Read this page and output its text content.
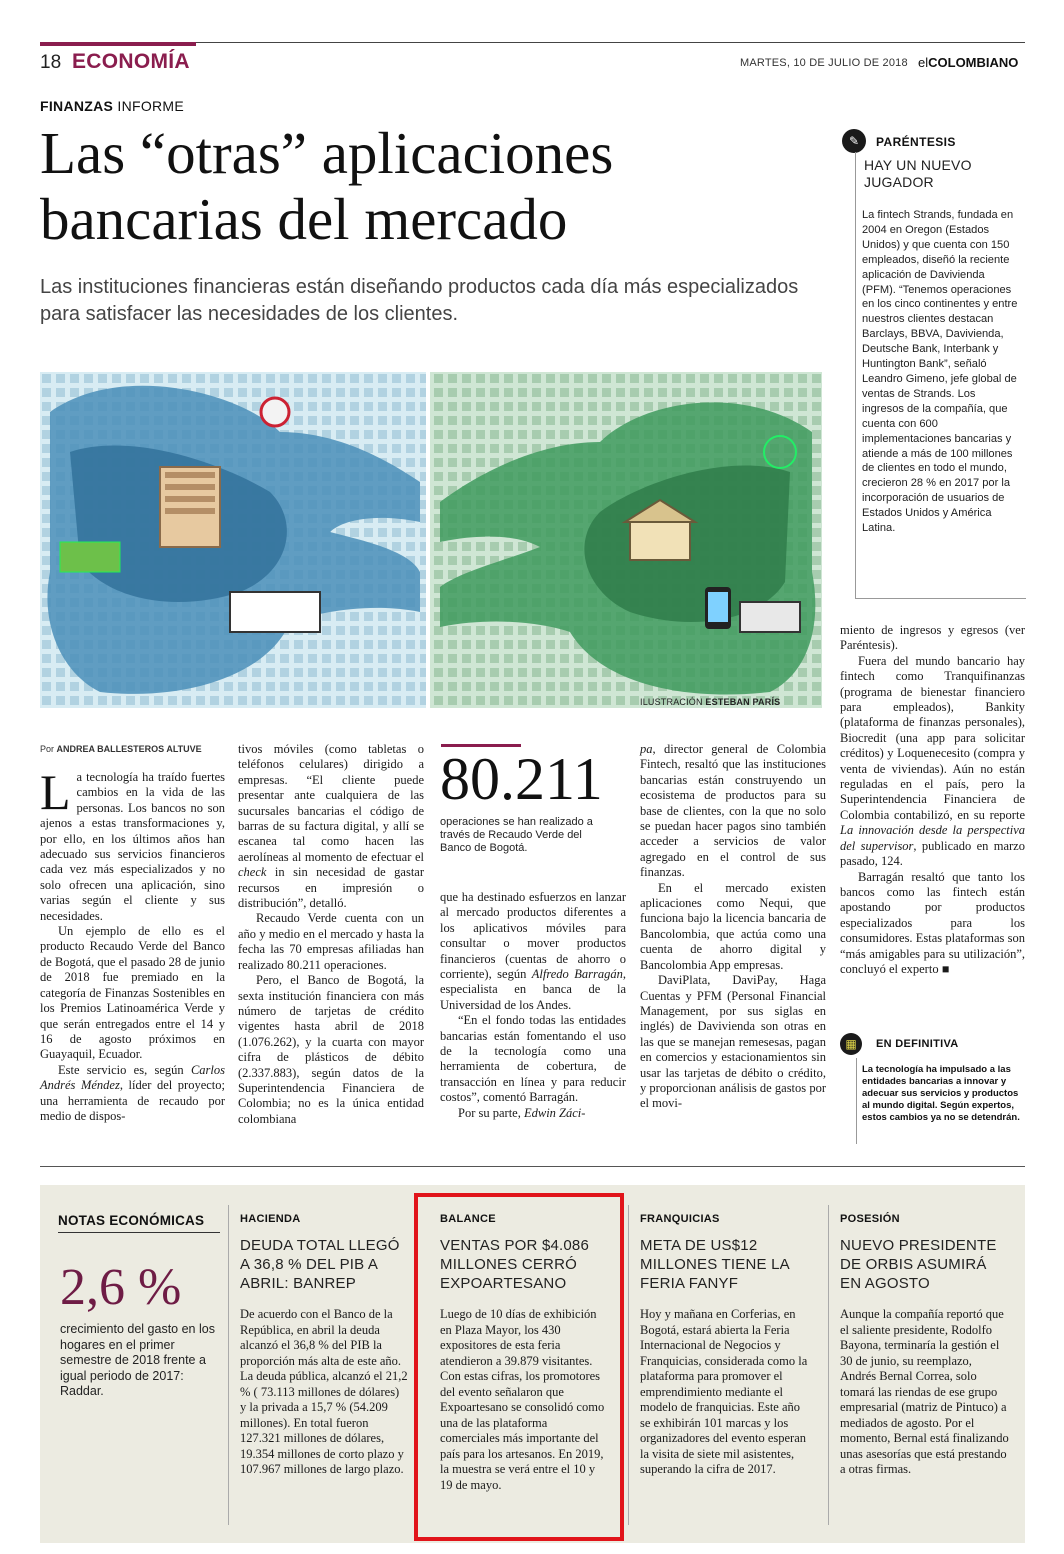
18 ECONOMÍA	MARTES, 10 DE JULIO DE 2018 elCOLOMBIANO
FINANZAS INFORME
Las “otras” aplicaciones bancarias del mercado
Las instituciones financieras están diseñando productos cada día más especializados para satisfacer las necesidades de los clientes.
ILUSTRACIÓN ESTEBAN PARÍS
✎	PARÉNTESIS
HAY UN NUEVO JUGADOR
La fintech Strands, fundada en 2004 en Oregon (Estados Unidos) y que cuenta con 150 empleados, diseñó la reciente aplicación de Davivienda (PFM). “Tenemos operaciones en los cinco continentes y entre nuestros clientes destacan Barclays, BBVA, Davivienda, Deutsche Bank, Interbank y Huntington Bank”, señaló Leandro Gimeno, jefe global de ventas de Strands. Los ingresos de la compañía, que cuenta con 600 implementaciones bancarias y atiende a más de 100 millones de clientes en todo el mundo, crecieron 28 % en 2017 por la incorporación de usuarios de Estados Unidos y América Latina.
Por ANDREA BALLESTEROS ALTUVE

La tecnología ha traído fuertes cambios en la vida de las personas. Los bancos no son ajenos a estas transformaciones y, por ello, en los últimos años han adecuado sus servicios financieros cada vez más especializados y no solo ofrecen una aplicación, sino varias según el cliente y sus necesidades.

Un ejemplo de ello es el producto Recaudo Verde del Banco de Bogotá, que el pasado 28 de junio de 2018 fue premiado en la categoría de Finanzas Sostenibles en los Premios Latinoamérica Verde y que serán entregados entre el 14 y 16 de agosto próximos en Guayaquil, Ecuador.

Este servicio es, según Carlos Andrés Méndez, líder del proyecto; una herramienta de recaudo por medio de dispos-

tivos móviles (como tabletas o teléfonos celulares) dirigido a empresas. “El cliente puede presentar ante cualquiera de las sucursales bancarias el código de barras de su factura digital, y allí se escanea tal como hacen las aerolíneas al momento de efectuar el check in sin necesidad de gastar recursos en impresión o distribución”, detalló.

Recaudo Verde cuenta con un año y medio en el mercado y hasta la fecha las 70 empresas afiliadas han realizado 80.211 operaciones.

Pero, el Banco de Bogotá, la sexta institución financiera con más número de tarjetas de crédito vigentes hasta abril de 2018 (1.076.262), y la cuarta con mayor cifra de plásticos de débito (2.337.883), según datos de la Superintendencia Financiera de Colombia; no es la única entidad colombiana

80.211
operaciones se han realizado a través de Recaudo Verde del Banco de Bogotá.

que ha destinado esfuerzos en lanzar al mercado productos diferentes a los aplicativos móviles para consultar o mover productos financieros (cuentas de ahorro o corriente), según Alfredo Barragán, especialista en banca de la Universidad de los Andes.

“En el fondo todas las entidades bancarias están fomentando el uso de la tecnología como una herramienta de cobertura, de transacción en línea y para reducir costos”, comentó Barragán.

Por su parte, Edwin Záci-

pa, director general de Colombia Fintech, resaltó que las instituciones bancarias están construyendo un ecosistema de productos para su base de clientes, con la que no solo se puedan hacer pagos sino también acceder a servicios de valor agregado en el control de sus finanzas.

En el mercado existen aplicaciones como Nequi, que funciona bajo la licencia bancaria de Bancolombia, que actúa como una cuenta de ahorro digital y Bancolombia App empresas.

DaviPlata, DaviPay, Haga Cuentas y PFM (Personal Financial Management, por sus siglas en inglés) de Davivienda son otras en las que se manejan remesesas, pagan en comercios y estacionamientos sin usar las tarjetas de débito o crédito, y proporcionan análisis de gastos por el movi-

miento de ingresos y egresos (ver Paréntesis).

Fuera del mundo bancario hay fintech como Tranquifinanzas (programa de bienestar financiero para empleados), Bankity (plataforma de finanzas personales), Biocredit (una app para solicitar créditos) y Loquenecesito (compra y venta de viviendas). Aún no están reguladas en el país, pero la Superintendencia Financiera de Colombia contabilizó, en su reporte La innovación desde la perspectiva del supervisor, publicado en marzo pasado, 124.

Barragán resaltó que tanto los bancos como las fintech están apostando por productos especializados para los consumidores. Estas plataformas son “más amigables para su utilización”, concluyó el experto ■

▦	EN DEFINITIVA
La tecnología ha impulsado a las entidades bancarias a innovar y adecuar sus servicios y productos al mundo digital. Según expertos, estos cambios ya no se detendrán.
NOTAS ECONÓMICAS
2,6 %
crecimiento del gasto en los hogares en el primer semestre de 2018 frente a igual periodo de 2017: Raddar.
HACIENDA
DEUDA TOTAL LLEGÓ A 36,8 % DEL PIB A ABRIL: BANREP
De acuerdo con el Banco de la República, en abril la deuda alcanzó el 36,8 % del PIB la proporción más alta de este año. La deuda pública, alcanzó el 21,2 % ( 73.113 millones de dólares) y la privada a 15,7 % (54.209 millones). En total fueron 127.321 millones de dólares, 19.354 millones de corto plazo y 107.967 millones de largo plazo.
BALANCE
VENTAS POR $4.086 MILLONES CERRÓ EXPOARTESANO
Luego de 10 días de exhibición en Plaza Mayor, los 430 expositores de esta feria atendieron a 39.879 visitantes. Con estas cifras, los promotores del evento señalaron que Expoartesano se consolidó como una de las plataforma comerciales más importante del país para los artesanos. En 2019, la muestra se verá entre el 10 y 19 de mayo.
FRANQUICIAS
META DE US$12 MILLONES TIENE LA FERIA FANYF
Hoy y mañana en Corferias, en Bogotá, estará abierta la Feria Internacional de Negocios y Franquicias, considerada como la plataforma para promover el emprendimiento mediante el modelo de franquicias. Este año se exhibirán 101 marcas y los organizadores del evento esperan la visita de siete mil asistentes, superando la cifra de 2017.
POSESIÓN
NUEVO PRESIDENTE DE ORBIS ASUMIRÁ EN AGOSTO
Aunque la compañía reportó que el saliente presidente, Rodolfo Bayona, terminaría la gestión el 30 de junio, su reemplazo, Andrés Bernal Correa, solo tomará las riendas de ese grupo empresarial (matriz de Pintuco) a mediados de agosto. Por el momento, Bernal está finalizando unas asesorías que está prestando a otras firmas.
